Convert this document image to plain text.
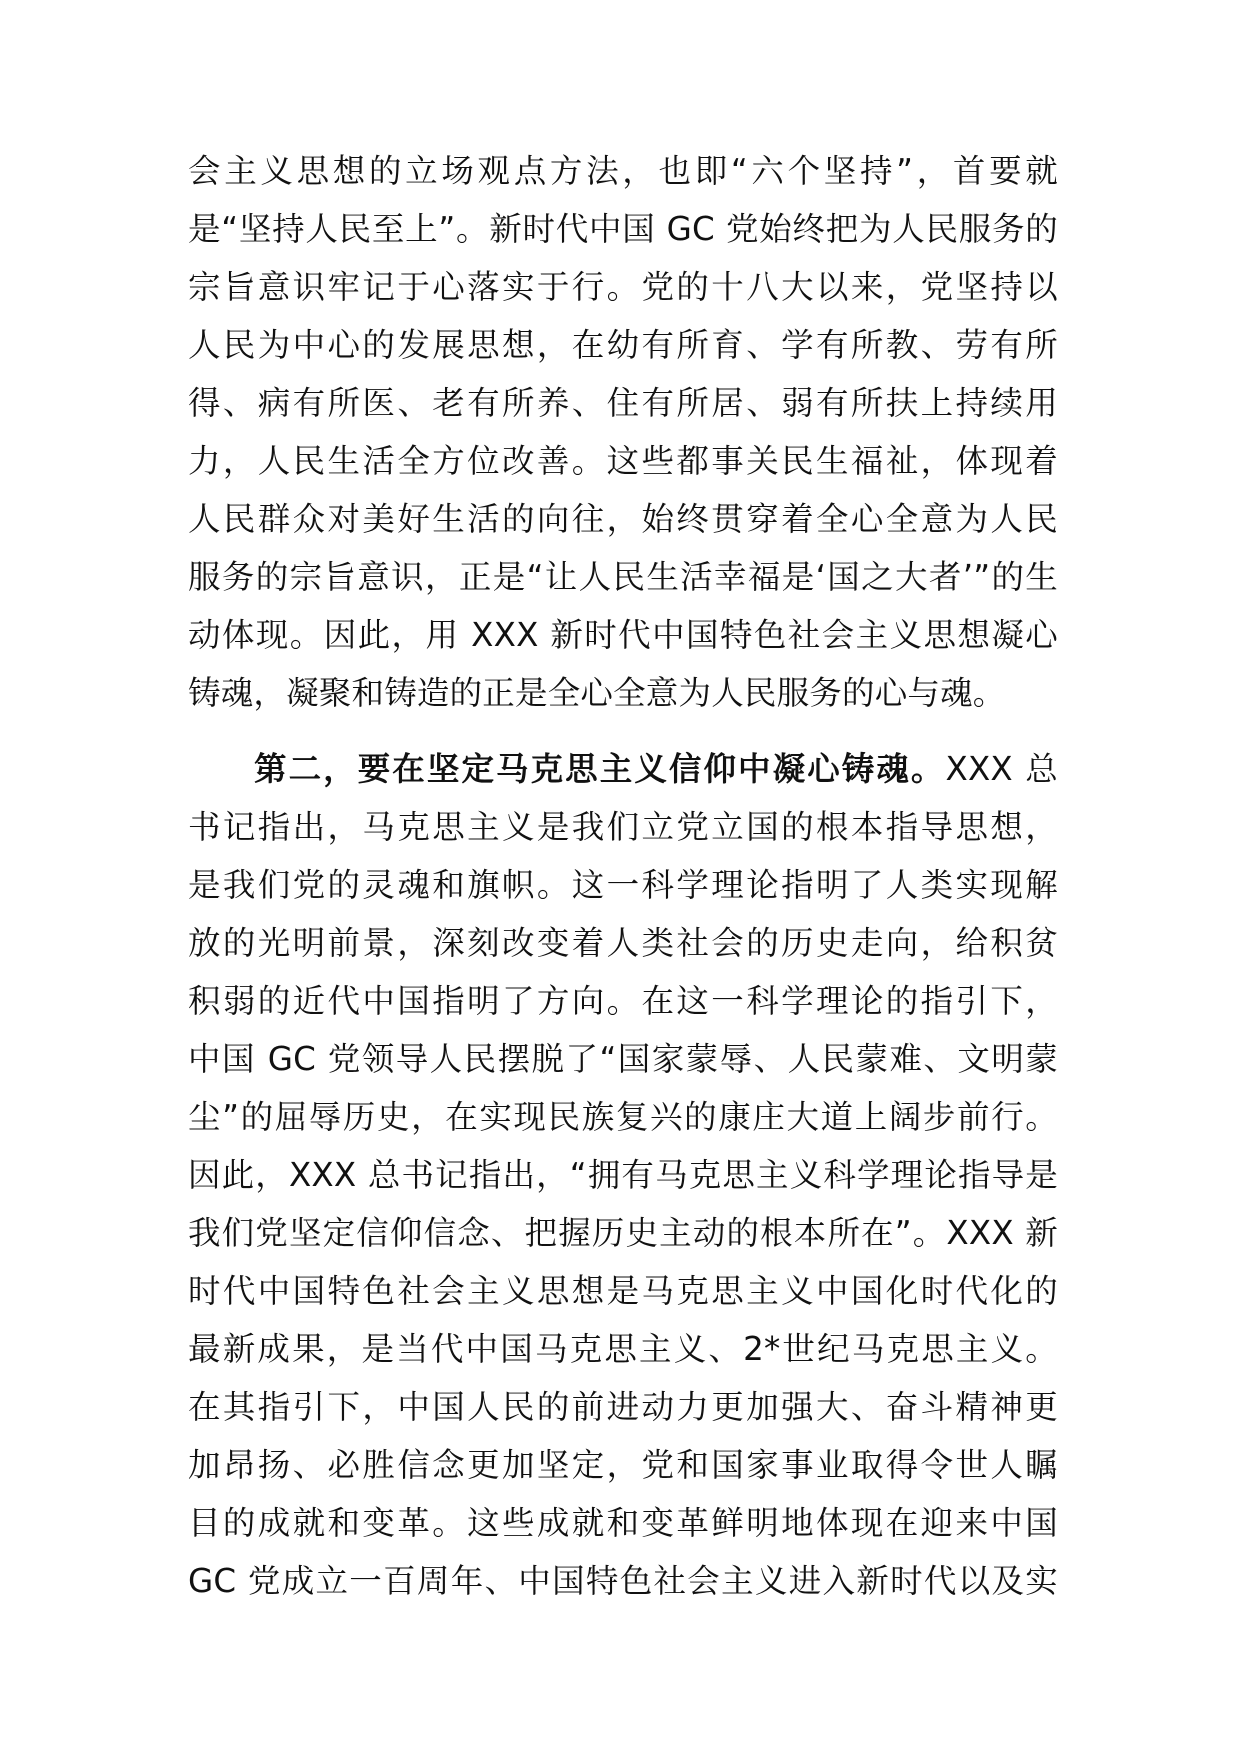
会主义思想的立场观点方法，也即“六个坚持”，首要就
是“坚持人民至上”。新时代中国 GC 党始终把为人民服务的
宗旨意识牢记于心落实于行。党的十八大以来，党坚持以
人民为中心的发展思想，在幼有所育、学有所教、劳有所
得、病有所医、老有所养、住有所居、弱有所扶上持续用
力，人民生活全方位改善。这些都事关民生福祉，体现着
人民群众对美好生活的向往，始终贯穿着全心全意为人民
服务的宗旨意识，正是“让人民生活幸福是‘国之大者’”的生
动体现。因此，用 XXX 新时代中国特色社会主义思想凝心
铸魂，凝聚和铸造的正是全心全意为人民服务的心与魂。
第二，要在坚定马克思主义信仰中凝心铸魂。XXX 总
书记指出，马克思主义是我们立党立国的根本指导思想，
是我们党的灵魂和旗帜。这一科学理论指明了人类实现解
放的光明前景，深刻改变着人类社会的历史走向，给积贫
积弱的近代中国指明了方向。在这一科学理论的指引下，
中国 GC 党领导人民摆脱了“国家蒙辱、人民蒙难、文明蒙
尘”的屈辱历史，在实现民族复兴的康庄大道上阔步前行。
因此，XXX 总书记指出，“拥有马克思主义科学理论指导是
我们党坚定信仰信念、把握历史主动的根本所在”。XXX 新
时代中国特色社会主义思想是马克思主义中国化时代化的
最新成果，是当代中国马克思主义、2*世纪马克思主义。
在其指引下，中国人民的前进动力更加强大、奋斗精神更
加昂扬、必胜信念更加坚定，党和国家事业取得令世人瞩
目的成就和变革。这些成就和变革鲜明地体现在迎来中国
GC 党成立一百周年、中国特色社会主义进入新时代以及实
